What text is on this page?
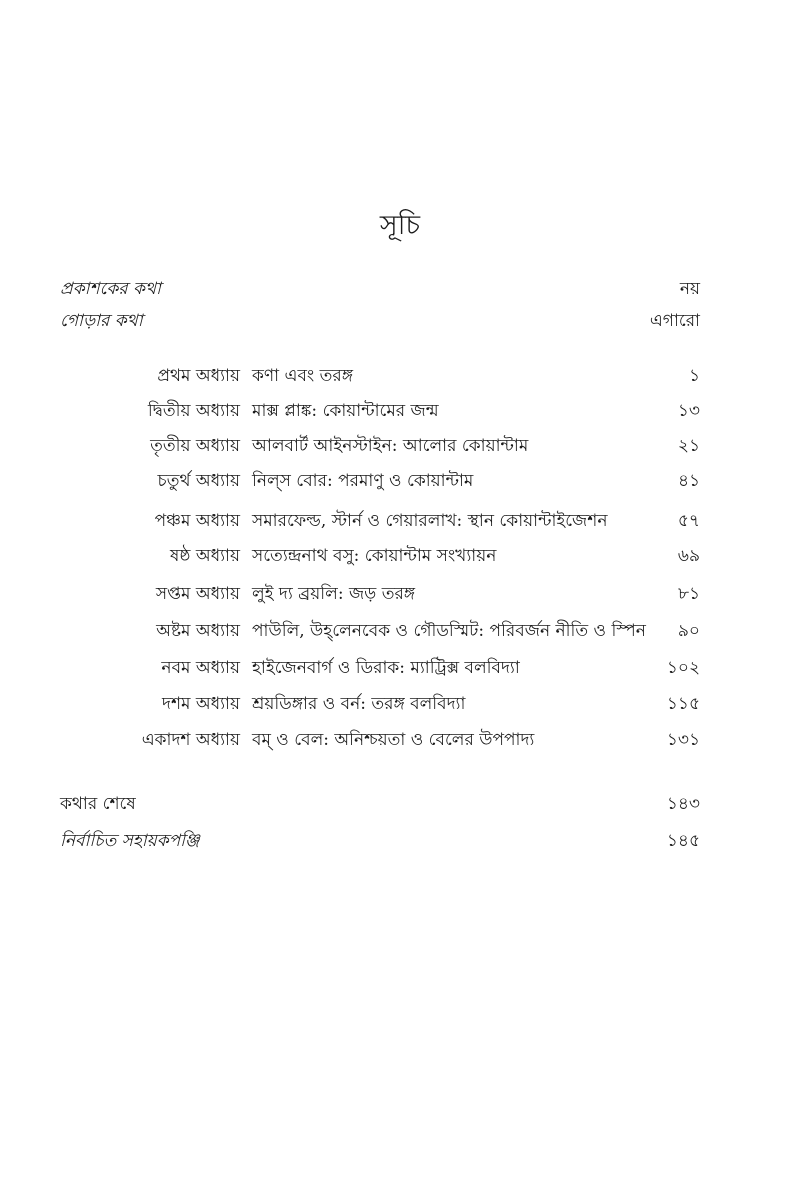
সূচি
প্রকাশকের কথা	নয়
গোড়ার কথা	এগারো
প্রথম অধ্যায় কণা এবং তরঙ্গ	১
দ্বিতীয় অধ্যায় মাক্স প্লাঙ্ক: কোয়ান্টামের জন্ম	১৩
তৃতীয় অধ্যায় আলবার্ট আইনস্টাইন: আলোর কোয়ান্টাম	২১
চতুর্থ অধ্যায় নিল্‌স বোর: পরমাণু ও কোয়ান্টাম	৪১
পঞ্চম অধ্যায় সমারফেল্ড, স্টার্ন ও গেয়ারলাখ: স্থান কোয়ান্টাইজেশন	৫৭
ষষ্ঠ অধ্যায় সত্যেন্দ্রনাথ বসু: কোয়ান্টাম সংখ্যায়ন	৬৯
সপ্তম অধ্যায় লুই দ্য ব্রয়লি: জড় তরঙ্গ	৮১
অষ্টম অধ্যায় পাউলি, উহ্‌লেনবেক ও গৌডস্মিট: পরিবর্জন নীতি ও স্পিন ৯০
নবম অধ্যায় হাইজেনবার্গ ও ডিরাক: ম্যাট্রিক্স বলবিদ্যা	১০২
দশম অধ্যায় শ্রয়ডিঙ্গার ও বর্ন: তরঙ্গ বলবিদ্যা	১১৫
একাদশ অধ্যায় বম্‌ ও বেল: অনিশ্চয়তা ও বেলের উপপাদ্য	১৩১
কথার শেষে	১৪৩
নির্বাচিত সহায়কপঞ্জি	১৪৫
